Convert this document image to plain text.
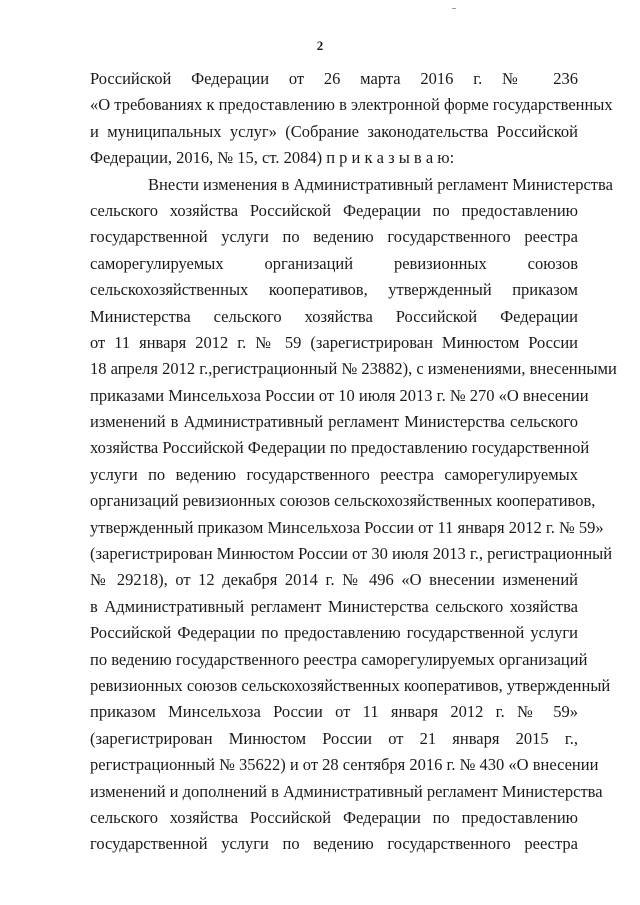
2
Российской Федерации от 26 марта 2016 г. № 236
«О требованиях к предоставлению в электронной форме государственных
и муниципальных услуг» (Собрание законодательства Российской
Федерации, 2016, № 15, ст. 2084) п р и к а з ы в а ю:
Внести изменения в Административный регламент Министерства
сельского хозяйства Российской Федерации по предоставлению
государственной услуги по ведению государственного реестра
саморегулируемых организаций ревизионных союзов
сельскохозяйственных кооперативов, утвержденный приказом
Министерства сельского хозяйства Российской Федерации
от 11 января 2012 г. № 59 (зарегистрирован Минюстом России
18 апреля 2012 г.,регистрационный № 23882), с изменениями, внесенными
приказами Минсельхоза России от 10 июля 2013 г. № 270 «О внесении
изменений в Административный регламент Министерства сельского
хозяйства Российской Федерации по предоставлению государственной
услуги по ведению государственного реестра саморегулируемых
организаций ревизионных союзов сельскохозяйственных кооперативов,
утвержденный приказом Минсельхоза России от 11 января 2012 г. № 59»
(зарегистрирован Минюстом России от 30 июля 2013 г., регистрационный
№ 29218), от 12 декабря 2014 г. № 496 «О внесении изменений
в Административный регламент Министерства сельского хозяйства
Российской Федерации по предоставлению государственной услуги
по ведению государственного реестра саморегулируемых организаций
ревизионных союзов сельскохозяйственных кооперативов, утвержденный
приказом Минсельхоза России от 11 января 2012 г. № 59»
(зарегистрирован Минюстом России от 21 января 2015 г.,
регистрационный № 35622) и от 28 сентября 2016 г. № 430 «О внесении
изменений и дополнений в Административный регламент Министерства
сельского хозяйства Российской Федерации по предоставлению
государственной услуги по ведению государственного реестра
